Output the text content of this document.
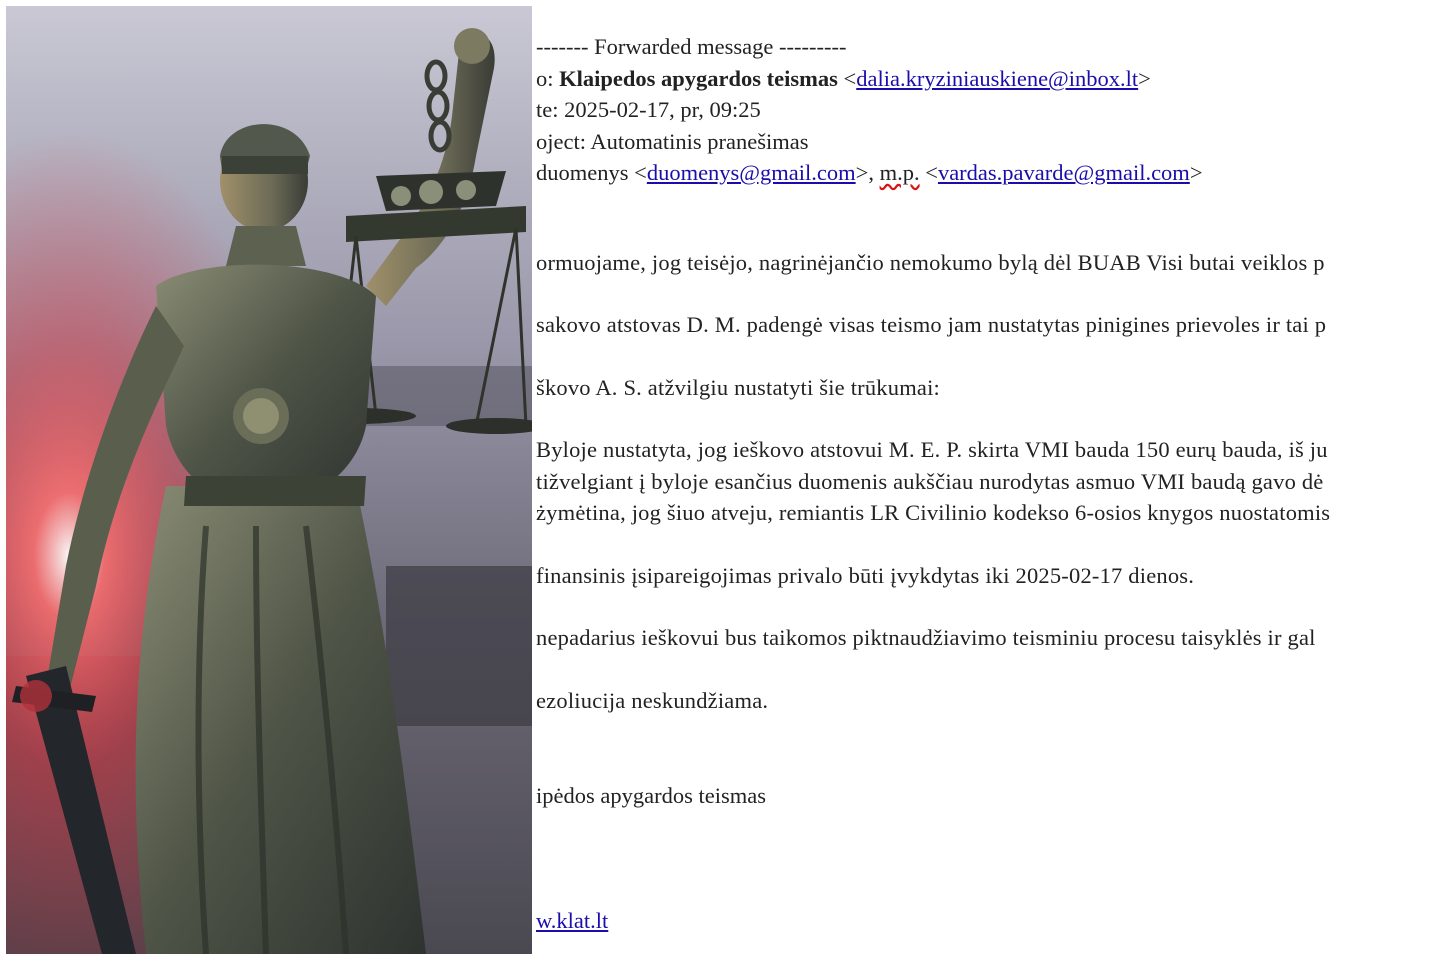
------- Forwarded message ---------
o: Klaipedos apygardos teismas <dalia.kryziniauskiene@inbox.lt>
te: 2025-02-17, pr, 09:25
oject: Automatinis pranešimas
duomenys <duomenys@gmail.com>, m.p. <vardas.pavarde@gmail.com>
ormuojame, jog teisėjo, nagrinėjančio nemokumo bylą dėl BUAB Visi butai veiklos p
sakovo atstovas D. M. padengė visas teismo jam nustatytas pinigines prievoles ir tai p
škovo A. S. atžvilgiu nustatyti šie trūkumai:
Byloje nustatyta, jog ieškovo atstovui M. E. P. skirta VMI bauda 150 eurų bauda, iš ju
tižvelgiant į byloje esančius duomenis aukščiau nurodytas asmuo VMI baudą gavo dė
żymėtina, jog šiuo atveju, remiantis LR Civilinio kodekso 6-osios knygos nuostatomis
finansinis įsipareigojimas privalo būti įvykdytas iki 2025-02-17 dienos.
nepadarius ieškovui bus taikomos piktnaudžiavimo teisminiu procesu taisyklės ir gal
ezoliucija neskundžiama.
ipėdos apygardos teismas
w.klat.lt
